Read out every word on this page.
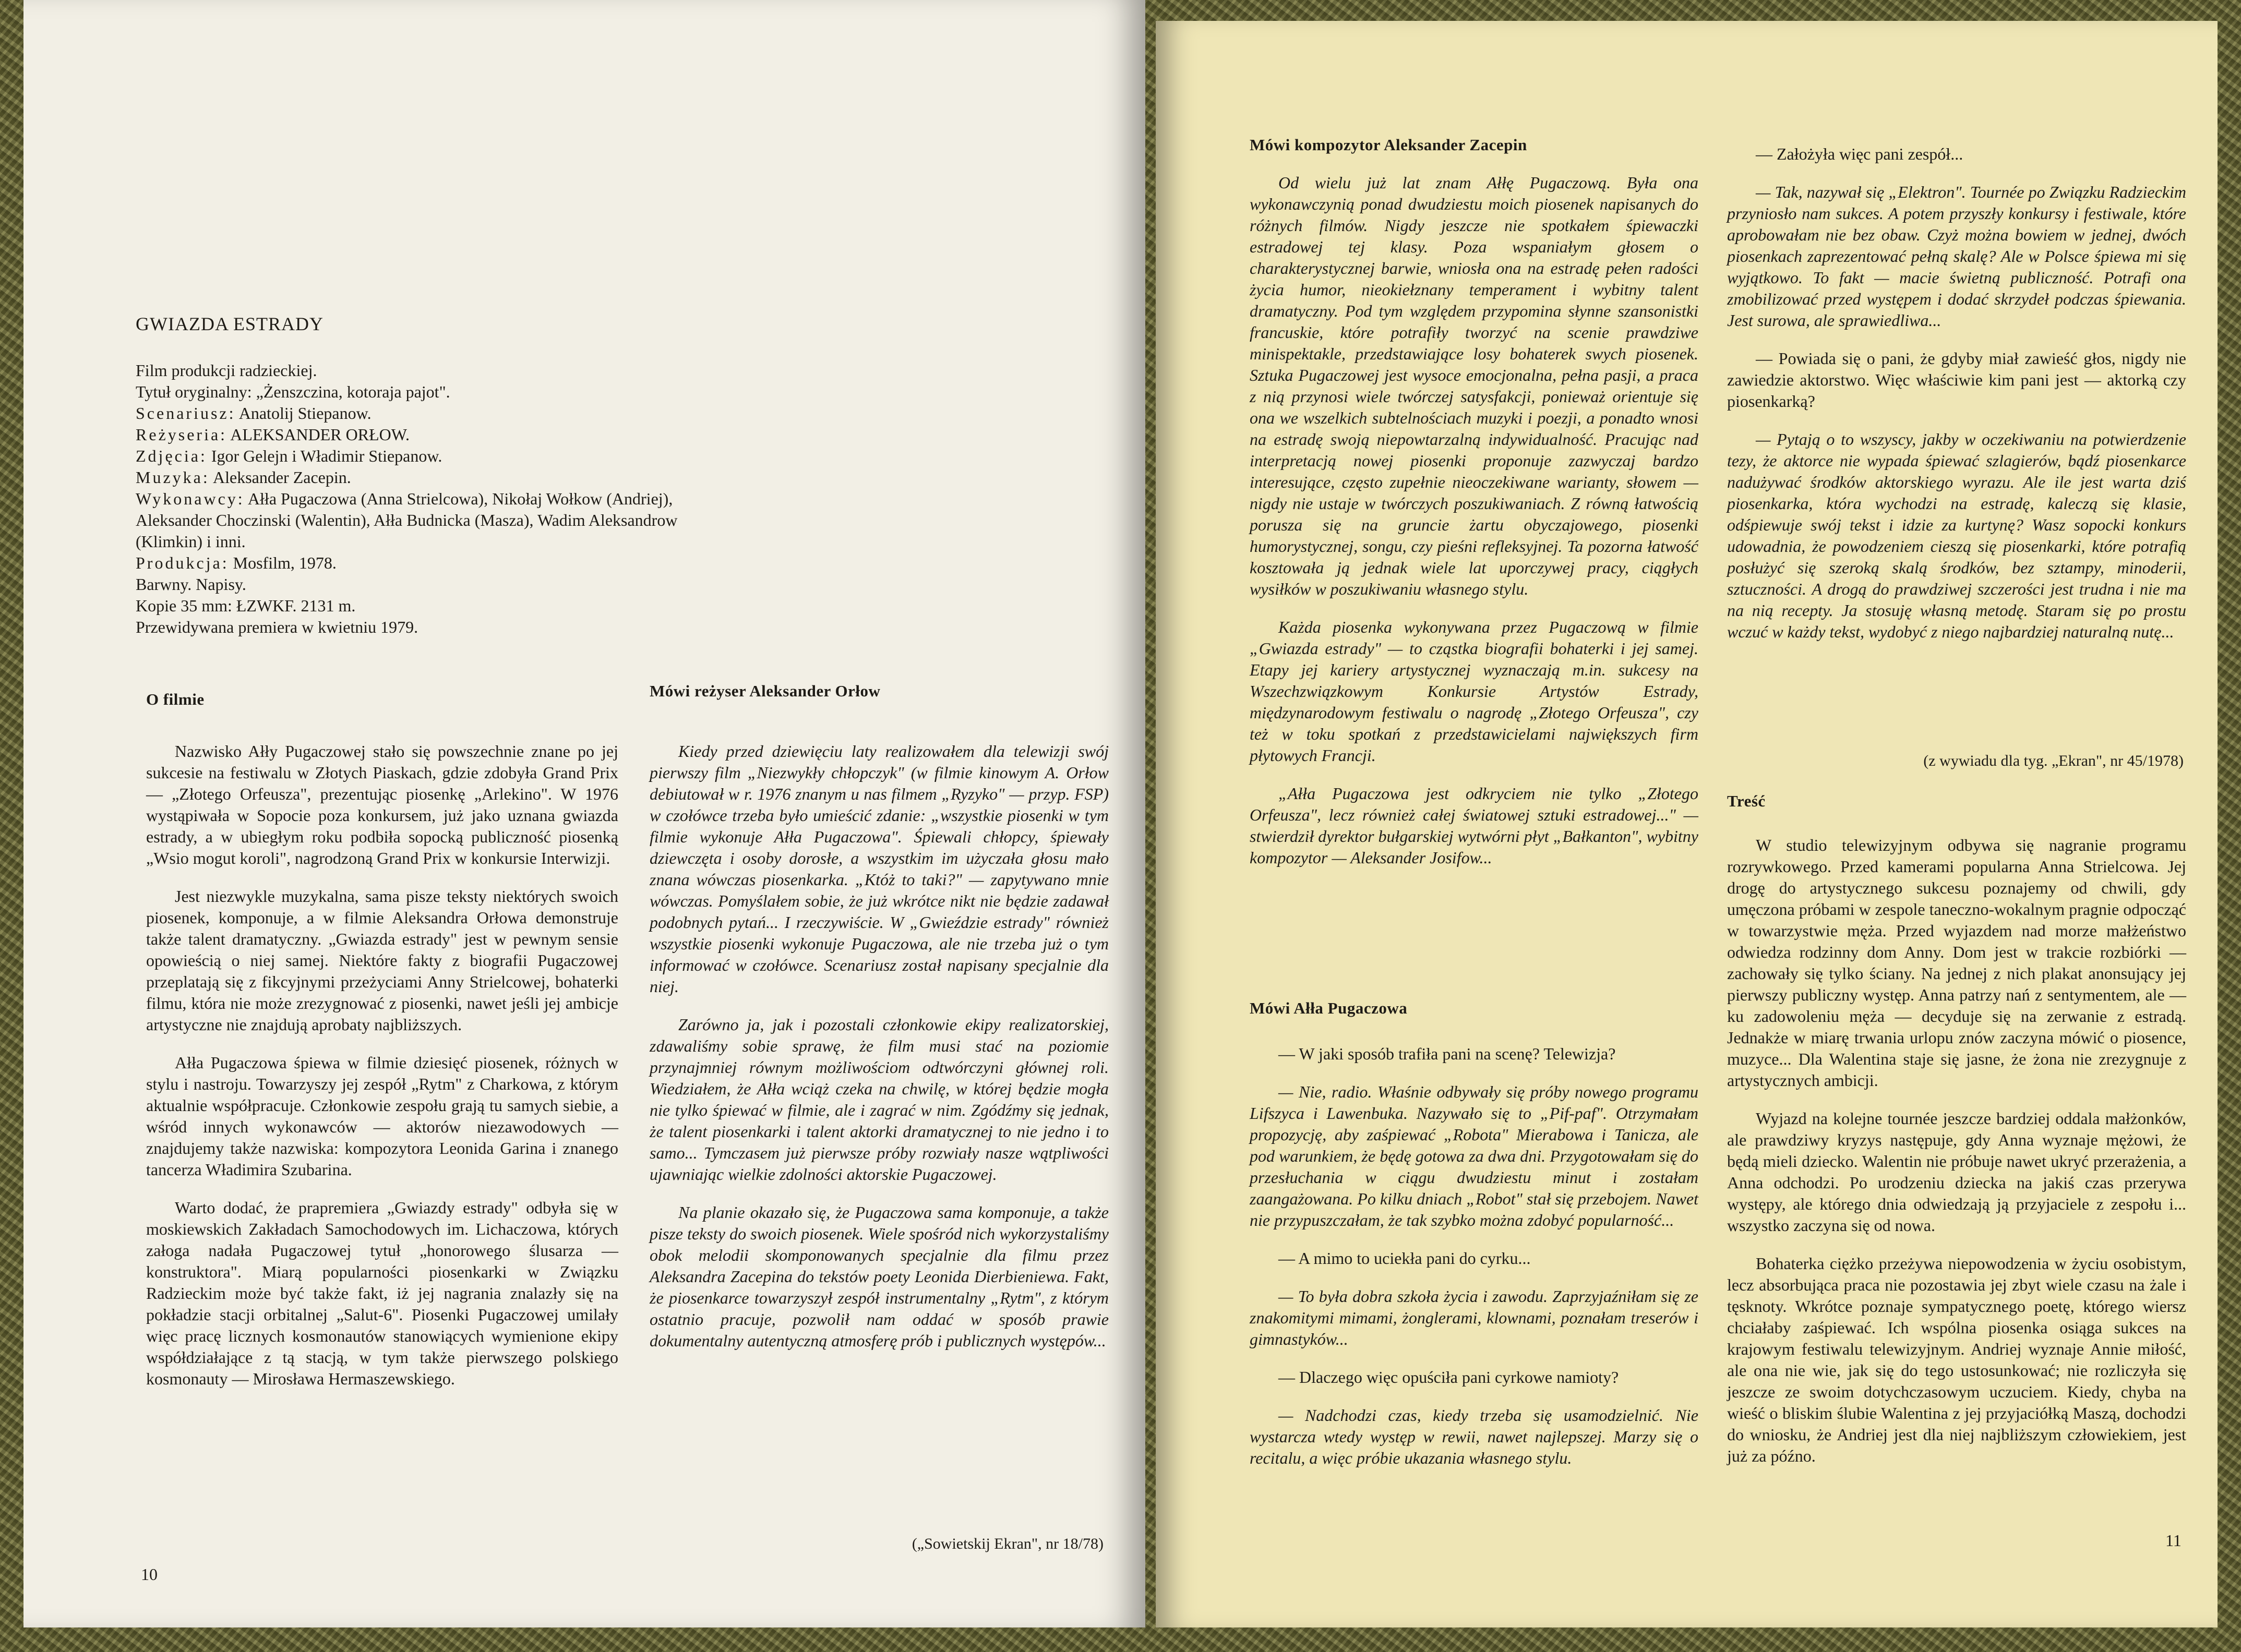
GWIAZDA ESTRADY
Film produkcji radzieckiej.
Tytuł oryginalny: „Żenszczina, kotoraja pajot".
Scenariusz: Anatolij Stiepanow.
Reżyseria: ALEKSANDER ORŁOW.
Zdjęcia: Igor Gelejn i Władimir Stiepanow.
Muzyka: Aleksander Zacepin.
Wykonawcy: Ałła Pugaczowa (Anna Strielcowa), Nikołaj Wołkow (Andriej),
Aleksander Choczinski (Walentin), Ałła Budnicka (Masza), Wadim Aleksandrow
(Klimkin) i inni.
Produkcja: Mosfilm, 1978.
Barwny. Napisy.
Kopie 35 mm: ŁZWKF. 2131 m.
Przewidywana premiera w kwietniu 1979.
O filmie

Nazwisko Ałły Pugaczowej stało się powszechnie znane po jej sukcesie na festiwalu w Złotych Piaskach, gdzie zdobyła Grand Prix — „Złotego Orfeusza", prezentując piosenkę „Arlekino". W 1976 wystąpiwała w Sopocie poza konkursem, już jako uznana gwiazda estrady, a w ubiegłym roku podbiła sopocką publiczność piosenką „Wsio mogut koroli", nagrodzoną Grand Prix w konkursie Interwizji.

Jest niezwykle muzykalna, sama pisze teksty niektórych swoich piosenek, komponuje, a w filmie Aleksandra Orłowa demonstruje także talent dramatyczny. „Gwiazda estrady" jest w pewnym sensie opowieścią o niej samej. Niektóre fakty z biografii Pugaczowej przeplatają się z fikcyjnymi przeżyciami Anny Strielcowej, bohaterki filmu, która nie może zrezygnować z piosenki, nawet jeśli jej ambicje artystyczne nie znajdują aprobaty najbliższych.

Ałła Pugaczowa śpiewa w filmie dziesięć piosenek, różnych w stylu i nastroju. Towarzyszy jej zespół „Rytm" z Charkowa, z którym aktualnie współpracuje. Członkowie zespołu grają tu samych siebie, a wśród innych wykonawców — aktorów niezawodowych — znajdujemy także nazwiska: kompozytora Leonida Garina i znanego tancerza Władimira Szubarina.

Warto dodać, że prapremiera „Gwiazdy estrady" odbyła się w moskiewskich Zakładach Samochodowych im. Lichaczowa, których załoga nadała Pugaczowej tytuł „honorowego ślusarza — konstruktora". Miarą popularności piosenkarki w Związku Radzieckim może być także fakt, iż jej nagrania znalazły się na pokładzie stacji orbitalnej „Salut-6". Piosenki Pugaczowej umilały więc pracę licznych kosmonautów stanowiących wymienione ekipy współdziałające z tą stacją, w tym także pierwszego polskiego kosmonauty — Mirosława Hermaszewskiego.

Mówi reżyser Aleksander Orłow

Kiedy przed dziewięciu laty realizowałem dla telewizji swój pierwszy film „Niezwykły chłopczyk" (w filmie kinowym A. Orłow debiutował w r. 1976 znanym u nas filmem „Ryzyko" — przyp. FSP) w czołówce trzeba było umieścić zdanie: „wszystkie piosenki w tym filmie wykonuje Ałła Pugaczowa". Śpiewali chłopcy, śpiewały dziewczęta i osoby dorosłe, a wszystkim im użyczała głosu mało znana wówczas piosenkarka. „Któż to taki?" — zapytywano mnie wówczas. Pomyślałem sobie, że już wkrótce nikt nie będzie zadawał podobnych pytań... I rzeczywiście. W „Gwieździe estrady" również wszystkie piosenki wykonuje Pugaczowa, ale nie trzeba już o tym informować w czołówce. Scenariusz został napisany specjalnie dla niej.

Zarówno ja, jak i pozostali członkowie ekipy realizatorskiej, zdawaliśmy sobie sprawę, że film musi stać na poziomie przynajmniej równym możliwościom odtwórczyni głównej roli. Wiedziałem, że Ałła wciąż czeka na chwilę, w której będzie mogła nie tylko śpiewać w filmie, ale i zagrać w nim. Zgódźmy się jednak, że talent piosenkarki i talent aktorki dramatycznej to nie jedno i to samo... Tymczasem już pierwsze próby rozwiały nasze wątpliwości ujawniając wielkie zdolności aktorskie Pugaczowej.

Na planie okazało się, że Pugaczowa sama komponuje, a także pisze teksty do swoich piosenek. Wiele spośród nich wykorzystaliśmy obok melodii skomponowanych specjalnie dla filmu przez Aleksandra Zacepina do tekstów poety Leonida Dierbieniewa. Fakt, że piosenkarce towarzyszył zespół instrumentalny „Rytm", z którym ostatnio pracuje, pozwolił nam oddać w sposób prawie dokumentalny autentyczną atmosferę prób i publicznych występów...

(„Sowietskij Ekran", nr 18/78)
10
Mówi kompozytor Aleksander Zacepin

Od wielu już lat znam Ałłę Pugaczową. Była ona wykonawczynią ponad dwudziestu moich piosenek napisanych do różnych filmów. Nigdy jeszcze nie spotkałem śpiewaczki estradowej tej klasy. Poza wspaniałym głosem o charakterystycznej barwie, wniosła ona na estradę pełen radości życia humor, nieokiełznany temperament i wybitny talent dramatyczny. Pod tym względem przypomina słynne szansonistki francuskie, które potrafiły tworzyć na scenie prawdziwe minispektakle, przedstawiające losy bohaterek swych piosenek. Sztuka Pugaczowej jest wysoce emocjonalna, pełna pasji, a praca z nią przynosi wiele twórczej satysfakcji, ponieważ orientuje się ona we wszelkich subtelnościach muzyki i poezji, a ponadto wnosi na estradę swoją niepowtarzalną indywidualność. Pracując nad interpretacją nowej piosenki proponuje zazwyczaj bardzo interesujące, często zupełnie nieoczekiwane warianty, słowem — nigdy nie ustaje w twórczych poszukiwaniach. Z równą łatwością porusza się na gruncie żartu obyczajowego, piosenki humorystycznej, songu, czy pieśni refleksyjnej. Ta pozorna łatwość kosztowała ją jednak wiele lat uporczywej pracy, ciągłych wysiłków w poszukiwaniu własnego stylu.

Każda piosenka wykonywana przez Pugaczową w filmie „Gwiazda estrady" — to cząstka biografii bohaterki i jej samej. Etapy jej kariery artystycznej wyznaczają m.in. sukcesy na Wszechzwiązkowym Konkursie Artystów Estrady, międzynarodowym festiwalu o nagrodę „Złotego Orfeusza", czy też w toku spotkań z przedstawicielami największych firm płytowych Francji.

„Ałła Pugaczowa jest odkryciem nie tylko „Złotego Orfeusza", lecz również całej światowej sztuki estradowej..." — stwierdził dyrektor bułgarskiej wytwórni płyt „Bałkanton", wybitny kompozytor — Aleksander Josifow...

Mówi Ałła Pugaczowa

— W jaki sposób trafiła pani na scenę? Telewizja?

— Nie, radio. Właśnie odbywały się próby nowego programu Lifszyca i Lawenbuka. Nazywało się to „Pif-paf". Otrzymałam propozycję, aby zaśpiewać „Robota" Mierabowa i Tanicza, ale pod warunkiem, że będę gotowa za dwa dni. Przygotowałam się do przesłuchania w ciągu dwudziestu minut i zostałam zaangażowana. Po kilku dniach „Robot" stał się przebojem. Nawet nie przypuszczałam, że tak szybko można zdobyć popularność...

— A mimo to uciekła pani do cyrku...

— To była dobra szkoła życia i zawodu. Zaprzyjaźniłam się ze znakomitymi mimami, żonglerami, klownami, poznałam treserów i gimnastyków...

— Dlaczego więc opuściła pani cyrkowe namioty?

— Nadchodzi czas, kiedy trzeba się usamodzielnić. Nie wystarcza wtedy występ w rewii, nawet najlepszej. Marzy się o recitalu, a więc próbie ukazania własnego stylu.

— Założyła więc pani zespół...

— Tak, nazywał się „Elektron". Tournée po Związku Radzieckim przyniosło nam sukces. A potem przyszły konkursy i festiwale, które aprobowałam nie bez obaw. Czyż można bowiem w jednej, dwóch piosenkach zaprezentować pełną skalę? Ale w Polsce śpiewa mi się wyjątkowo. To fakt — macie świetną publiczność. Potrafi ona zmobilizować przed występem i dodać skrzydeł podczas śpiewania. Jest surowa, ale sprawiedliwa...

— Powiada się o pani, że gdyby miał zawieść głos, nigdy nie zawiedzie aktorstwo. Więc właściwie kim pani jest — aktorką czy piosenkarką?

— Pytają o to wszyscy, jakby w oczekiwaniu na potwierdzenie tezy, że aktorce nie wypada śpiewać szlagierów, bądź piosenkarce nadużywać środków aktorskiego wyrazu. Ale ile jest warta dziś piosenkarka, która wychodzi na estradę, kaleczą się klasie, odśpiewuje swój tekst i idzie za kurtynę? Wasz sopocki konkurs udowadnia, że powodzeniem cieszą się piosenkarki, które potrafią posłużyć się szeroką skalą środków, bez sztampy, minoderii, sztuczności. A drogą do prawdziwej szczerości jest trudna i nie ma na nią recepty. Ja stosuję własną metodę. Staram się po prostu wczuć w każdy tekst, wydobyć z niego najbardziej naturalną nutę...

(z wywiadu dla tyg. „Ekran", nr 45/1978)
Treść

W studio telewizyjnym odbywa się nagranie programu rozrywkowego. Przed kamerami popularna Anna Strielcowa. Jej drogę do artystycznego sukcesu poznajemy od chwili, gdy umęczona próbami w zespole taneczno-wokalnym pragnie odpocząć w towarzystwie męża. Przed wyjazdem nad morze małżeństwo odwiedza rodzinny dom Anny. Dom jest w trakcie rozbiórki — zachowały się tylko ściany. Na jednej z nich plakat anonsujący jej pierwszy publiczny występ. Anna patrzy nań z sentymentem, ale — ku zadowoleniu męża — decyduje się na zerwanie z estradą. Jednakże w miarę trwania urlopu znów zaczyna mówić o piosence, muzyce... Dla Walentina staje się jasne, że żona nie zrezygnuje z artystycznych ambicji.

Wyjazd na kolejne tournée jeszcze bardziej oddala małżonków, ale prawdziwy kryzys następuje, gdy Anna wyznaje mężowi, że będą mieli dziecko. Walentin nie próbuje nawet ukryć przerażenia, a Anna odchodzi. Po urodzeniu dziecka na jakiś czas przerywa występy, ale którego dnia odwiedzają ją przyjaciele z zespołu i... wszystko zaczyna się od nowa.

Bohaterka ciężko przeżywa niepowodzenia w życiu osobistym, lecz absorbująca praca nie pozostawia jej zbyt wiele czasu na żale i tęsknoty. Wkrótce poznaje sympatycznego poetę, którego wiersz chciałaby zaśpiewać. Ich wspólna piosenka osiąga sukces na krajowym festiwalu telewizyjnym. Andriej wyznaje Annie miłość, ale ona nie wie, jak się do tego ustosunkować; nie rozliczyła się jeszcze ze swoim dotychczasowym uczuciem. Kiedy, chyba na wieść o bliskim ślubie Walentina z jej przyjaciółką Maszą, dochodzi do wniosku, że Andriej jest dla niej najbliższym człowiekiem, jest już za późno.

11
